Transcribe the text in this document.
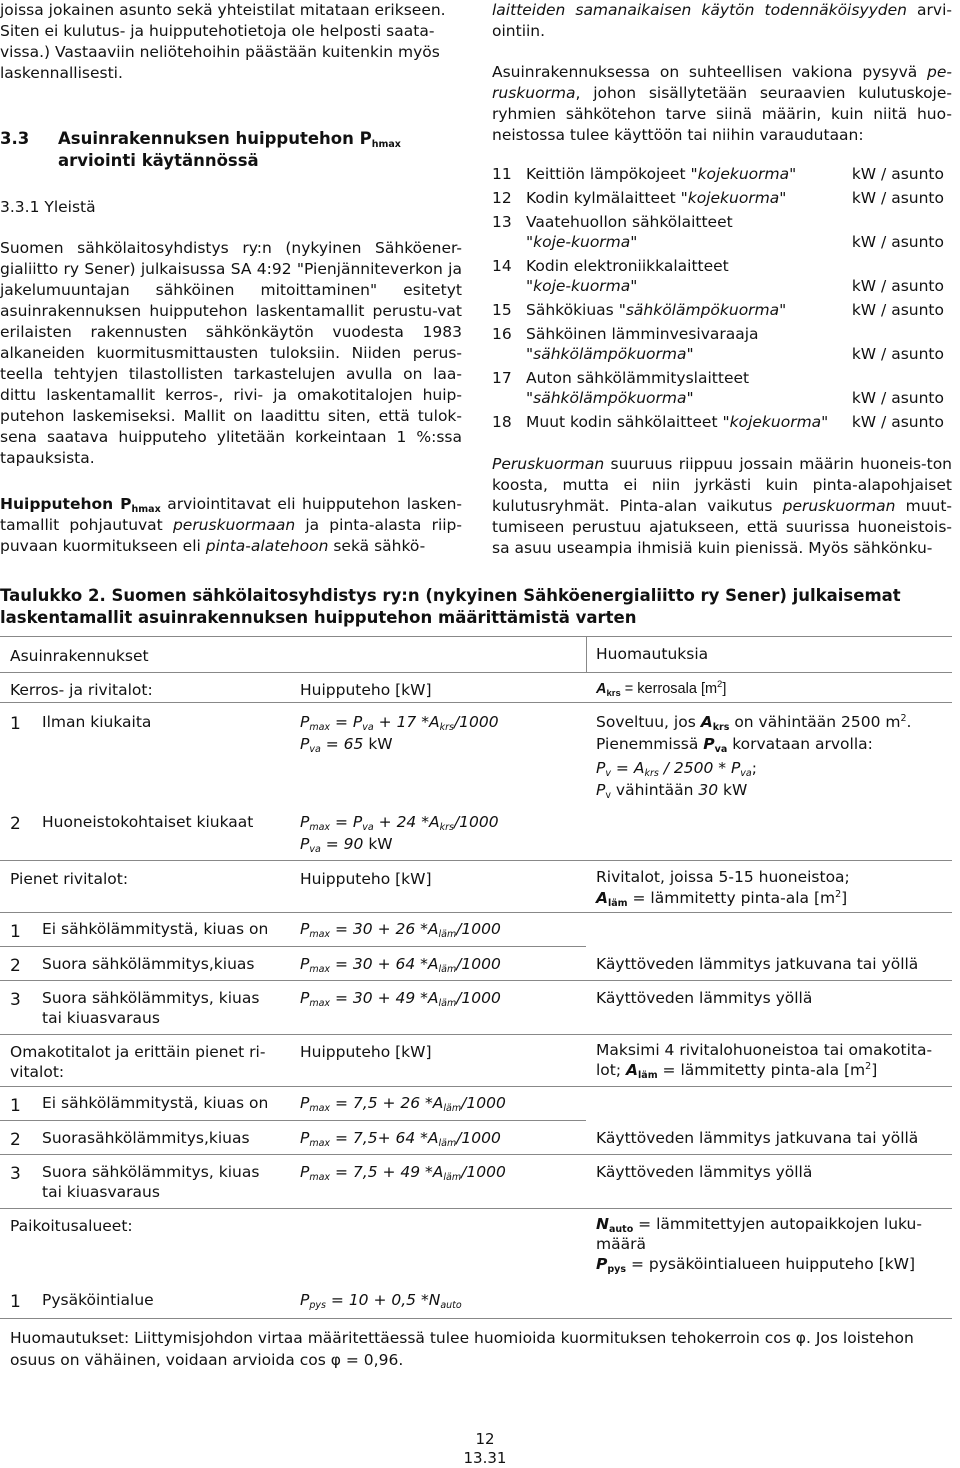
joissa jokainen asunto sekä yhteistilat mitataan erikseen.

Siten ei kulutus- ja huipputehotietoja ole helposti saata-

vissa.) Vastaaviin neliötehoihin päästään kuitenkin myös

laskennallisesti.

3.3 Asuinrakennuksen huipputehon $P_{hmax}$
arviointi käytännössä

3.3.1 Yleistä

Suomen sähkölaitosyhdistys ry:n (nykyinen Sähköener-gialiitto ry Sener) julkaisussa SA 4:92 "Pienjänniteverkon ja jakelumuuntajan sähköinen mitoittaminen" esitetyt asuinrakennuksen huipputehon laskentamallit perustu-vat erilaisten rakennusten sähkönkäytön vuodesta 1983 alkaneiden kuormitusmittausten tuloksiin. Niiden perus-teella tehtyjen tilastollisten tarkastelujen avulla on laa-dittu laskentamallit kerros-, rivi- ja omakotitalojen huip-putehon laskemiseksi. Mallit on laadittu siten, että tulok-sena saatava huipputeho ylitetään korkeintaan 1 %:ssa tapauksista.

Huipputehon $P_{hmax}$ arviointitavat eli huipputehon lasken-tamallit pohjautuvat peruskuormaan ja pinta-alasta riip-puvaan kuormitukseen eli pinta-alatehoon sekä sähkö-

laitteiden samanaikaisen käytön todennäköisyyden arvi-ointiin.

Asuinrakennuksessa on suhteellisen vakiona pysyvä pe-ruskuorma, johon sisällytetään seuraavien kulutuskoje-ryhmien sähkötehon tarve siinä määrin, kuin niitä huo-neistossa tulee käyttöön tai niihin varaudutaan:

11 Keittiön lämpökojeet "kojekuorma"	kW / asunto
12 Kodin kylmälaitteet "kojekuorma"	kW / asunto
13 Vaatehuollon sähkölaitteet "koje-kuorma"	kW / asunto
14 Kodin elektroniikkalaitteet "koje-kuorma"	kW / asunto
15 Sähkökiuas "sähkölämpökuorma"	kW / asunto
16 Sähköinen lämminvesivaraaja "sähkölämpökuorma"	kW / asunto
17 Auton sähkölämmityslaitteet "sähkölämpökuorma"	kW / asunto
18 Muut kodin sähkölaitteet "kojekuorma"	kW / asunto

Peruskuorman suuruus riippuu jossain määrin huoneis-ton koosta, mutta ei niin jyrkästi kuin pinta-alapohjaiset kulutusryhmät. Pinta-alan vaikutus peruskuorman muut-tumiseen perustuu ajatukseen, että suurissa huoneistois-sa asuu useampia ihmisiä kuin pienissä. Myös sähkönku-

Taulukko 2. Suomen sähkölaitosyhdistys ry:n (nykyinen Sähköenergialiitto ry Sener) julkaisemat laskentamallit asuinrakennuksen huipputehon määrittämistä varten
Asuinrakennukset	Huomautuksia
Kerros- ja rivitalot:	Huipputeho [kW]	$A_{krs}$ = kerrosala $[m^2]$
1 Ilman kiukaita	$P_{max} = P_{va} + 17$ $*A_{krs}/1000$
$P_{va} = 65$ kW
Soveltuu, jos $A_{krs}$ on vähintään 2500 $m^2$.
Pienemmissä $P_{va}$ korvataan arvolla:
$P_v = A_{krs} / 2500 * P_{va}$;
$P_v$ vähintään 30 kW
2 Huoneistokohtaiset kiukaat	$P_{max} = P_{va} + 24$ $*A_{krs}/1000$
$P_{va} = 90$ kW
Pienet rivitalot:	Huipputeho [kW]	Rivitalot, joissa 5-15 huoneistoa;
$A_{läm}$ = lämmitetty pinta-ala $[m^2]$
1 Ei sähkölämmitystä, kiuas on $P_{max} = 30 + 26$ $*A_{läm}/1000$
2 Suora sähkölämmitys,kiuas	$P_{max} = 30 + 64$ $*A_{läm}/1000$	Käyttöveden lämmitys jatkuvana tai yöllä
3 Suora sähkölämmitys, kiuas
tai kiuasvaraus
$P_{max} = 30 + 49$ $*A_{läm}/1000$	Käyttöveden lämmitys yöllä
Omakotitalot ja erittäin pienet ri-
vitalot:
Huipputeho [kW]	Maksimi 4 rivitalohuoneistoa tai omakotita-
lot; $A_{läm}$ = lämmitetty pinta-ala $[m^2]$
1 Ei sähkölämmitystä, kiuas on $P_{max} = 7,5 + 26$ $*A_{läm}/1000$
2 Suorasähkölämmitys,kiuas	$P_{max} = 7,5+ 64$ $*A_{läm}/1000$	Käyttöveden lämmitys jatkuvana tai yöllä
3 Suora sähkölämmitys, kiuas
tai kiuasvaraus
$P_{max} = 7,5 + 49$ $*A_{läm}/1000$	Käyttöveden lämmitys yöllä
Paikoitusalueet:	$N_{auto}$ = lämmitettyjen autopaikkojen luku-
määrä
$P_{pys}$ = pysäköintialueen huipputeho [kW]
1 Pysäköintialue	$P_{pys} = 10 + 0,5$ $*N_{auto}$
Huomautukset: Liittymisjohdon virtaa määritettäessä tulee huomioida kuormituksen tehokerroin cos φ. Jos loistehon osuus on vähäinen, voidaan arvioida cos φ = 0,96.
12
13.31
